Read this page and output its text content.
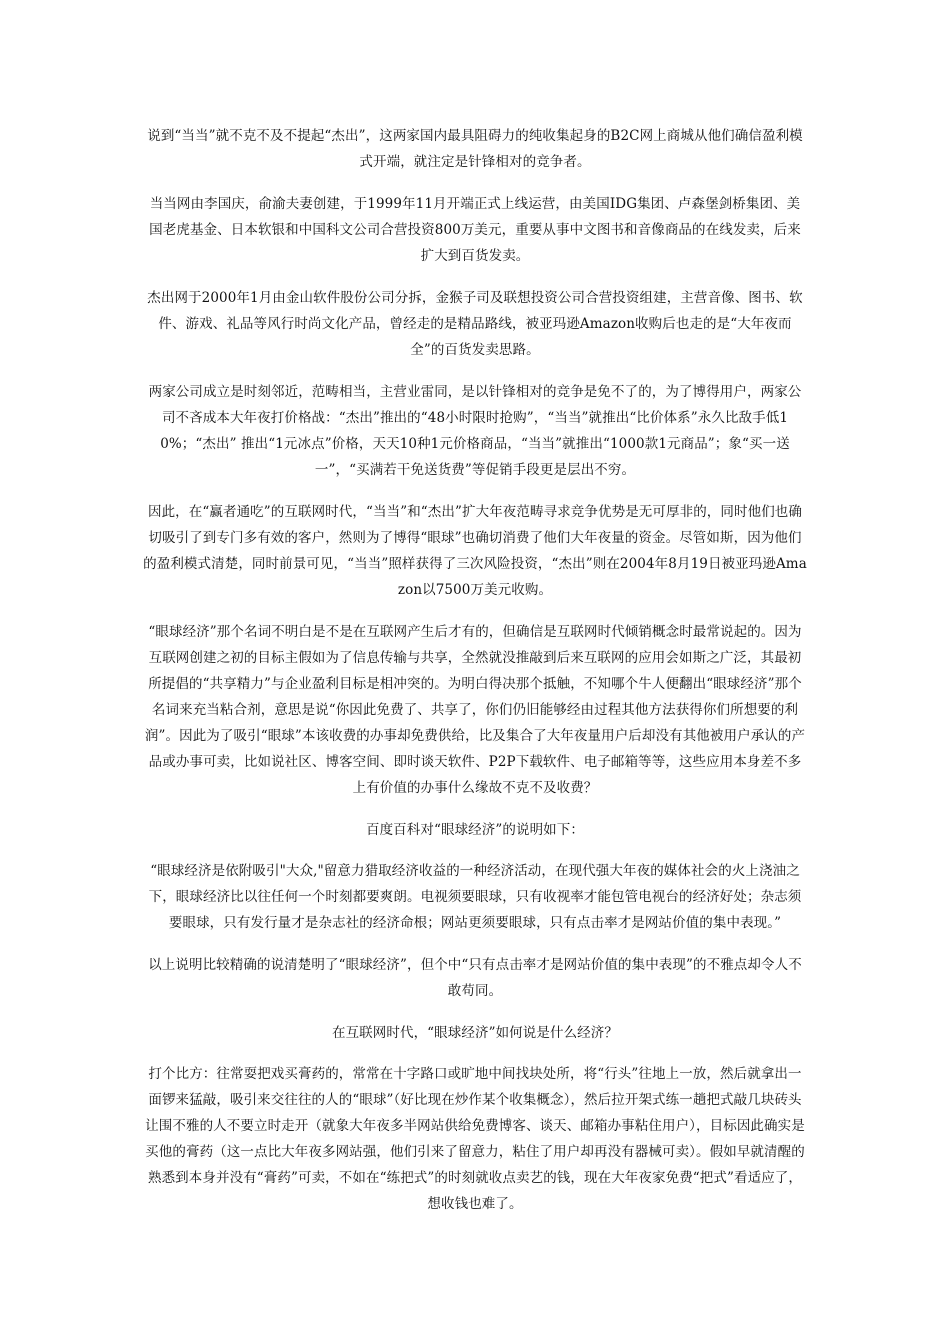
说到“当当”就不克不及不提起“杰出”，这两家国内最具阻碍力的纯收集起身的B2C网上商城从他们确信盈利模式开端，就注定是针锋相对的竞争者。

当当网由李国庆，俞渝夫妻创建，于1999年11月开端正式上线运营，由美国IDG集团、卢森堡剑桥集团、美国老虎基金、日本软银和中国科文公司合营投资800万美元，重要从事中文图书和音像商品的在线发卖，后来扩大到百货发卖。

杰出网于2000年1月由金山软件股份公司分拆，金猴子司及联想投资公司合营投资组建，主营音像、图书、软件、游戏、礼品等风行时尚文化产品，曾经走的是精品路线，被亚玛逊Amazon收购后也走的是“大年夜而全”的百货发卖思路。

两家公司成立是时刻邻近，范畴相当，主营业雷同，是以针锋相对的竞争是免不了的，为了博得用户，两家公司不吝成本大年夜打价格战：“杰出”推出的“48小时限时抢购”，“当当”就推出“比价体系”永久比敌手低10%；“杰出” 推出“1元冰点”价格，天天10种1元价格商品，“当当”就推出“1000款1元商品”；象“买一送一”，“买满若干免送货费”等促销手段更是层出不穷。

因此，在“赢者通吃”的互联网时代，“当当”和“杰出”扩大年夜范畴寻求竞争优势是无可厚非的，同时他们也确切吸引了到专门多有效的客户，然则为了博得“眼球”也确切消费了他们大年夜量的资金。尽管如斯，因为他们的盈利模式清楚，同时前景可见，“当当”照样获得了三次风险投资，“杰出”则在2004年8月19日被亚玛逊Amazon以7500万美元收购。

“眼球经济”那个名词不明白是不是在互联网产生后才有的，但确信是互联网时代倾销概念时最常说起的。因为互联网创建之初的目标主假如为了信息传输与共享，全然就没推敲到后来互联网的应用会如斯之广泛，其最初所提倡的“共享精力”与企业盈利目标是相冲突的。为明白得决那个抵触，不知哪个牛人便翻出“眼球经济”那个名词来充当粘合剂，意思是说“你因此免费了、共享了，你们仍旧能够经由过程其他方法获得你们所想要的利润”。因此为了吸引“眼球”本该收费的办事却免费供给，比及集合了大年夜量用户后却没有其他被用户承认的产品或办事可卖，比如说社区、博客空间、即时谈天软件、P2P下载软件、电子邮箱等等，这些应用本身差不多上有价值的办事什么缘故不克不及收费？

百度百科对“眼球经济”的说明如下：

“眼球经济是依附吸引"大众,"留意力猎取经济收益的一种经济活动，在现代强大年夜的媒体社会的火上浇油之下，眼球经济比以往任何一个时刻都要爽朗。电视须要眼球，只有收视率才能包管电视台的经济好处；杂志须要眼球，只有发行量才是杂志社的经济命根；网站更须要眼球，只有点击率才是网站价值的集中表现。”

以上说明比较精确的说清楚明了“眼球经济”，但个中“只有点击率才是网站价值的集中表现”的不雅点却令人不敢苟同。

在互联网时代，“眼球经济”如何说是什么经济？

打个比方：往常耍把戏买膏药的，常常在十字路口或旷地中间找块处所，将“行头”往地上一放，然后就拿出一面锣来猛敲，吸引来交往往的人的“眼球”（好比现在炒作某个收集概念），然后拉开架式练一趟把式敲几块砖头让围不雅的人不要立时走开（就象大年夜多半网站供给免费博客、谈天、邮箱办事粘住用户），目标因此确实是买他的膏药（这一点比大年夜多网站强，他们引来了留意力，粘住了用户却再没有器械可卖）。假如早就清醒的熟悉到本身并没有“膏药”可卖，不如在“练把式”的时刻就收点卖艺的钱，现在大年夜家免费“把式”看适应了，想收钱也难了。
